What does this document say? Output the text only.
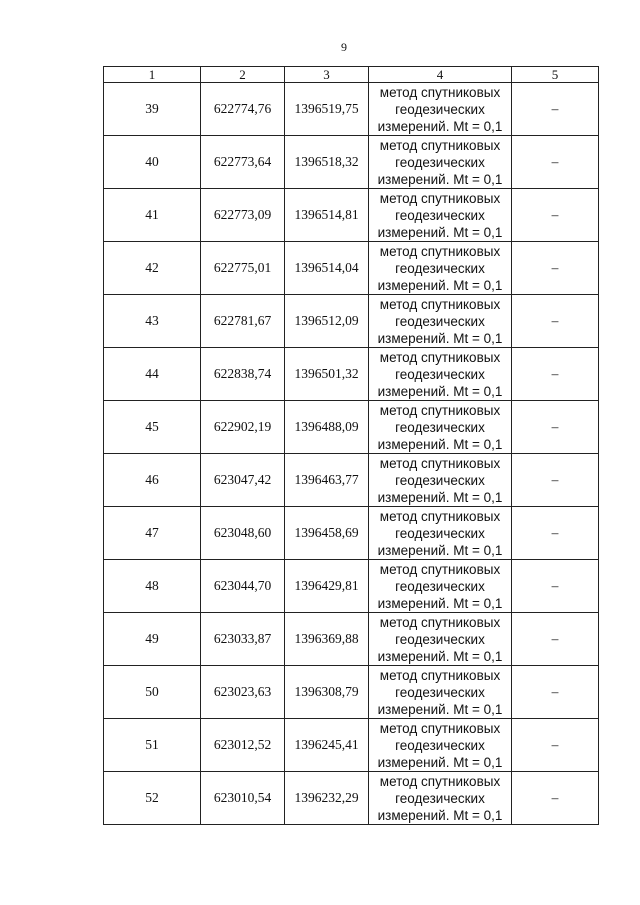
9
1	2	3	4	5
39	622774,76	1396519,75	метод спутниковых
геодезических
измерений. Mt = 0,1	–
40	622773,64	1396518,32	метод спутниковых
геодезических
измерений. Mt = 0,1	–
41	622773,09	1396514,81	метод спутниковых
геодезических
измерений. Mt = 0,1	–
42	622775,01	1396514,04	метод спутниковых
геодезических
измерений. Mt = 0,1	–
43	622781,67	1396512,09	метод спутниковых
геодезических
измерений. Mt = 0,1	–
44	622838,74	1396501,32	метод спутниковых
геодезических
измерений. Mt = 0,1	–
45	622902,19	1396488,09	метод спутниковых
геодезических
измерений. Mt = 0,1	–
46	623047,42	1396463,77	метод спутниковых
геодезических
измерений. Mt = 0,1	–
47	623048,60	1396458,69	метод спутниковых
геодезических
измерений. Mt = 0,1	–
48	623044,70	1396429,81	метод спутниковых
геодезических
измерений. Mt = 0,1	–
49	623033,87	1396369,88	метод спутниковых
геодезических
измерений. Mt = 0,1	–
50	623023,63	1396308,79	метод спутниковых
геодезических
измерений. Mt = 0,1	–
51	623012,52	1396245,41	метод спутниковых
геодезических
измерений. Mt = 0,1	–
52	623010,54	1396232,29	метод спутниковых
геодезических
измерений. Mt = 0,1	–
